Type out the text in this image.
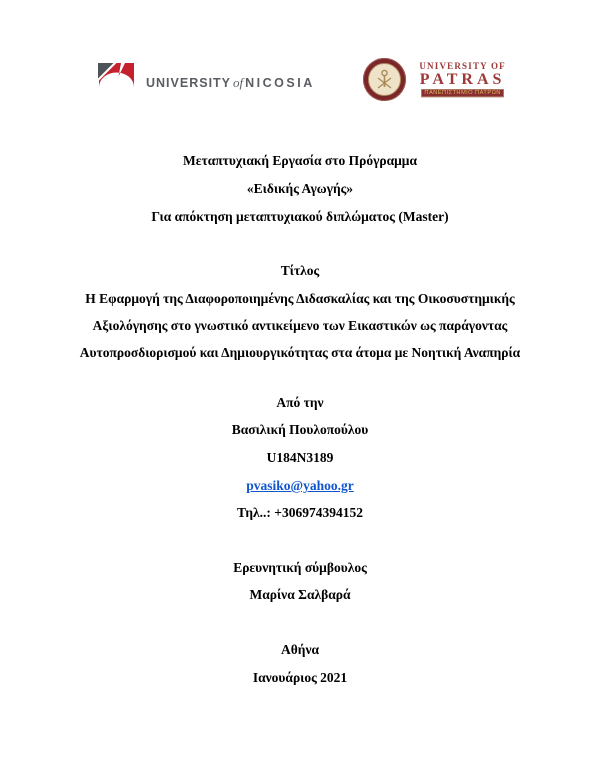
UNIVERSITY of NICOSIA
UNIVERSITY OF
PATRAS
ΠΑΝΕΠΙΣΤΗΜΙΟ ΠΑΤΡΩΝ
Μεταπτυχιακή Εργασία στο Πρόγραμμα
«Ειδικής Αγωγής»
Για απόκτηση μεταπτυχιακού διπλώματος (Master)
Τίτλος
Η Εφαρμογή της Διαφοροποιημένης Διδασκαλίας και της Οικοσυστημικής
Αξιολόγησης στο γνωστικό αντικείμενο των Εικαστικών ως παράγοντας
Αυτοπροσδιορισμού και Δημιουργικότητας στα άτομα με Νοητική Αναπηρία
Από την
Βασιλική Πουλοπούλου
U184N3189
pvasiko@yahoo.gr
Τηλ..: +306974394152
Ερευνητική σύμβουλος
Μαρίνα Σαλβαρά
Αθήνα
Ιανουάριος 2021
